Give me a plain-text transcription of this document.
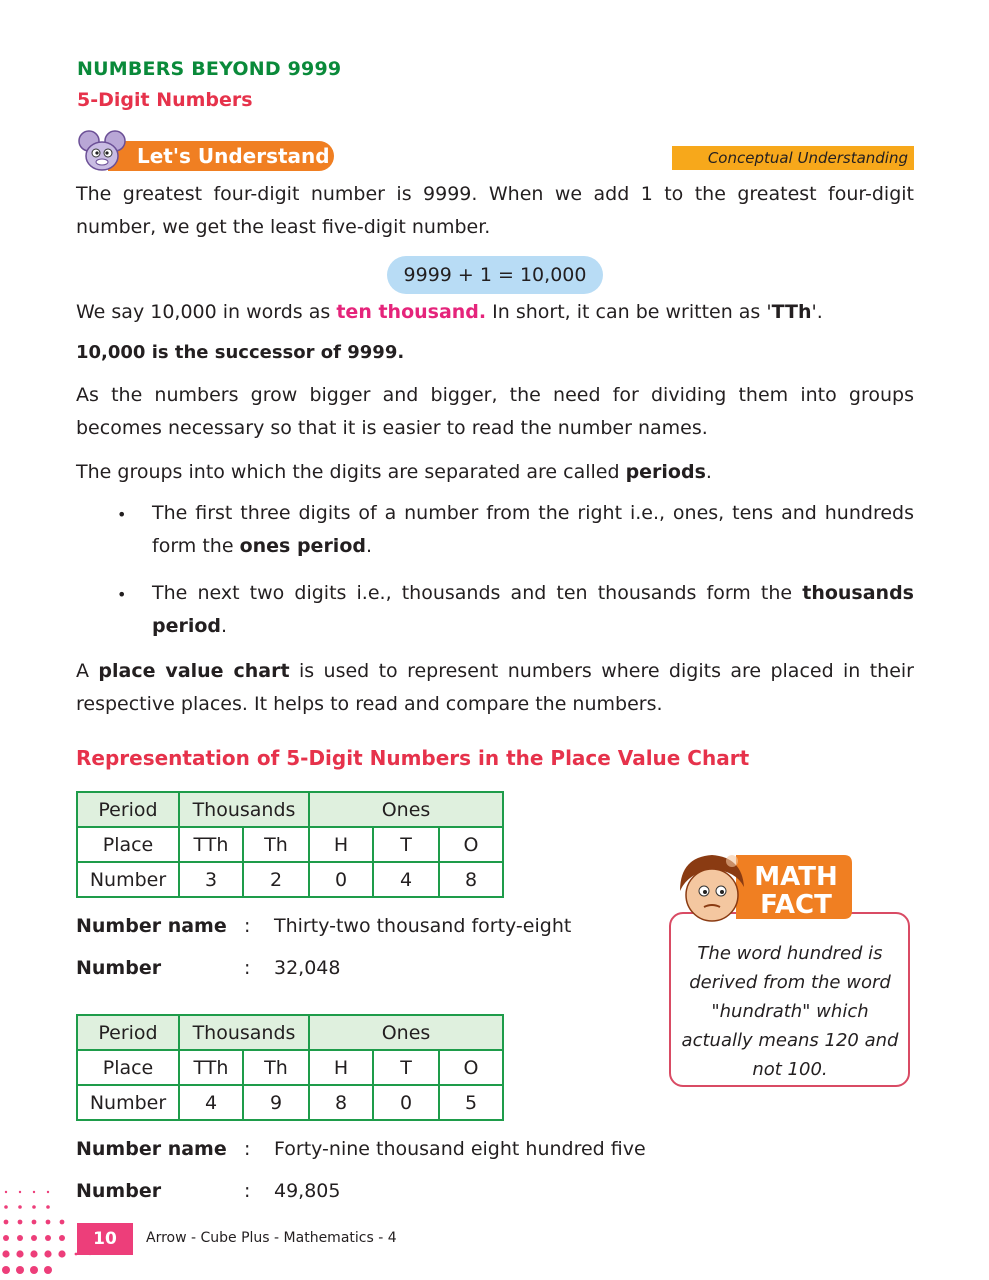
NUMBERS BEYOND 9999
5-Digit Numbers
Let's Understand	Conceptual Understanding

The greatest four-digit number is 9999. When we add 1 to the greatest four-digit number, we get the least five-digit number.

9999 + 1 = 10,000

We say 10,000 in words as ten thousand. In short, it can be written as 'TTh'.

10,000 is the successor of 9999.

As the numbers grow bigger and bigger, the need for dividing them into groups becomes necessary so that it is easier to read the number names.

The groups into which the digits are separated are called periods.

• The first three digits of a number from the right i.e., ones, tens and hundreds form the ones period.

• The next two digits i.e., thousands and ten thousands form the thousands period.

A place value chart is used to represent numbers where digits are placed in their respective places. It helps to read and compare the numbers.

Representation of 5-Digit Numbers in the Place Value Chart
Period	Thousands		Ones		
Place	TTh	Th	H	T	O
Number	3	2	0	4	8
Number name : Thirty-two thousand forty-eight
Number	: 32,048
Period	Thousands		Ones		
Place	TTh	Th	H	T	O
Number	4	9	8	0	5
Number name : Forty-nine thousand eight hundred five
Number	: 49,805
MATH
FACT
The word hundred is derived from the word "hundrath" which actually means 120 and not 100.
10	Arrow - Cube Plus - Mathematics - 4
